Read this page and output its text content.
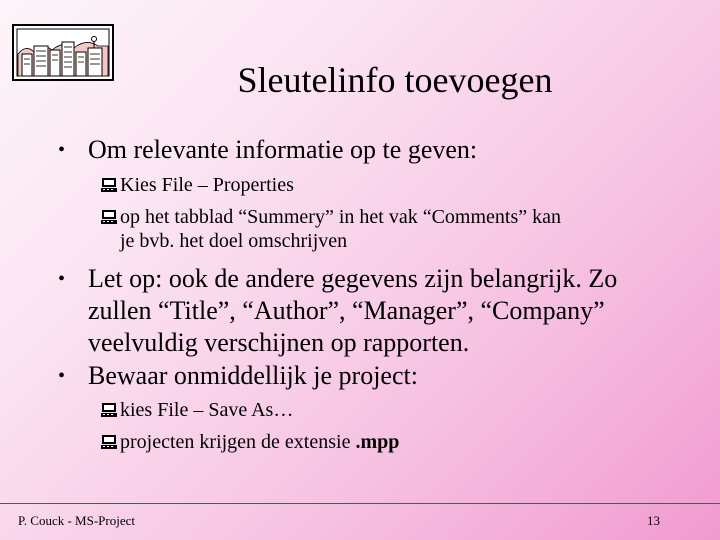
Sleutelinfo toevoegen
• Om relevante informatie op te geven:
Kies File – Properties
op het tabblad “Summery” in het vak “Comments” kan
je bvb. het doel omschrijven
• Let op: ook de andere gegevens zijn belangrijk. Zo zullen “Title”, “Author”, “Manager”, “Company” veelvuldig verschijnen op rapporten.
• Bewaar onmiddellijk je project:
kies File – Save As…
projecten krijgen de extensie .mpp
P. Couck - MS-Project	13
